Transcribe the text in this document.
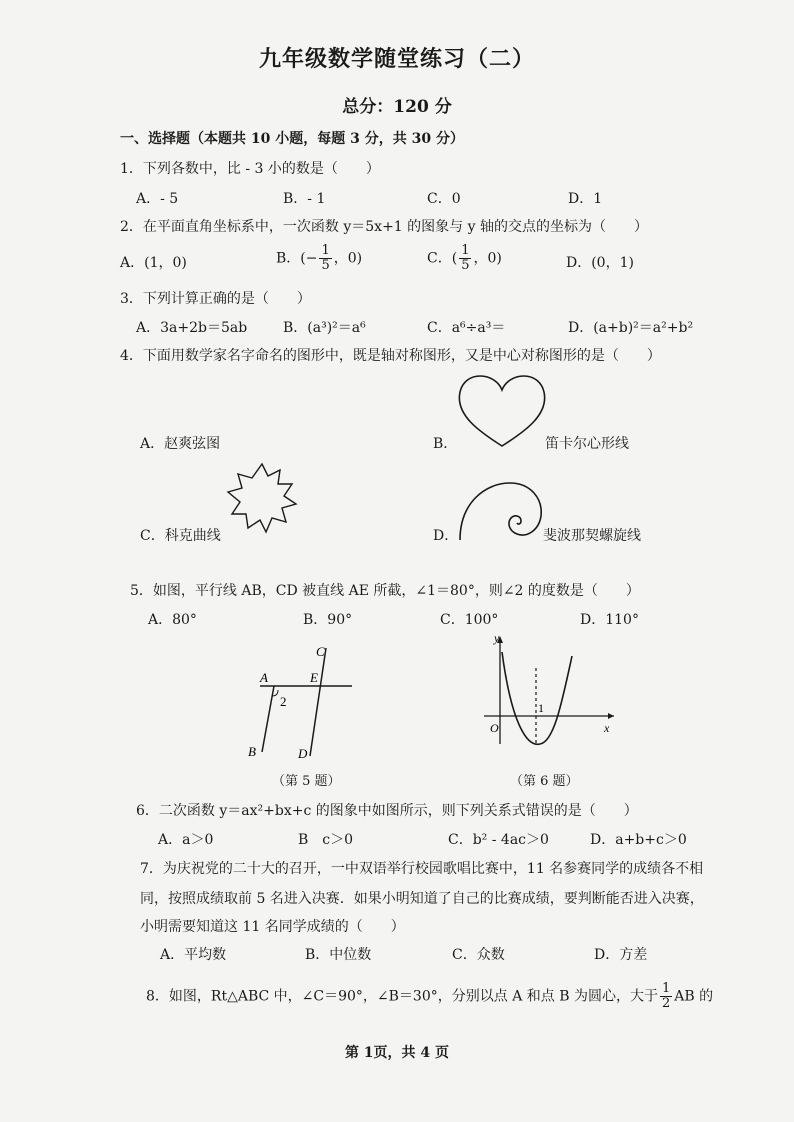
九年级数学随堂练习（二）
总分：120 分
一、选择题（本题共 10 小题，每题 3 分，共 30 分）
1．下列各数中，比 - 3 小的数是（　　）
A．- 5	B．- 1	C．0	D．1
2．在平面直角坐标系中，一次函数 y＝5x+1 的图象与 y 轴的交点的坐标为（　　）
A．(1，0)	B．(− $\frac{1}{5}$ ，0)	C．( $\frac{1}{5}$ ，0)	D．(0，1)
3．下列计算正确的是（　　）
A．3a+2b＝5ab	B．(a³)²＝a⁶	C．a⁶÷a³＝	D．(a+b)²＝a²+b²
4．下面用数学家名字命名的图形中，既是轴对称图形，又是中心对称图形的是（　　）
A．赵爽弦图	B．	笛卡尔心形线
C．科克曲线	D．	斐波那契螺旋线
5．如图，平行线 AB，CD 被直线 AE 所截，∠1＝80°，则∠2 的度数是（　　）
A．80°	B．90°	C．100°	D．110°
A	E
C
B	D
2
（第 5 题）
y
x
O
1
（第 6 题）
6．二次函数 y＝ax²+bx+c 的图象中如图所示，则下列关系式错误的是（　　）
A．a＞0	B　c＞0	C．b² - 4ac＞0	D．a+b+c＞0
7．为庆祝党的二十大的召开，一中双语举行校园歌唱比赛中，11 名参赛同学的成绩各不相
同，按照成绩取前 5 名进入决赛．如果小明知道了自己的比赛成绩，要判断能否进入决赛，
小明需要知道这 11 名同学成绩的（　　）
A．平均数	B．中位数	C．众数	D．方差
8．如图，Rt△ABC 中，∠C＝90°，∠B＝30°，分别以点 A 和点 B 为圆心，大于 $\frac{1}{2}$ AB 的
第 1页，共 4 页
